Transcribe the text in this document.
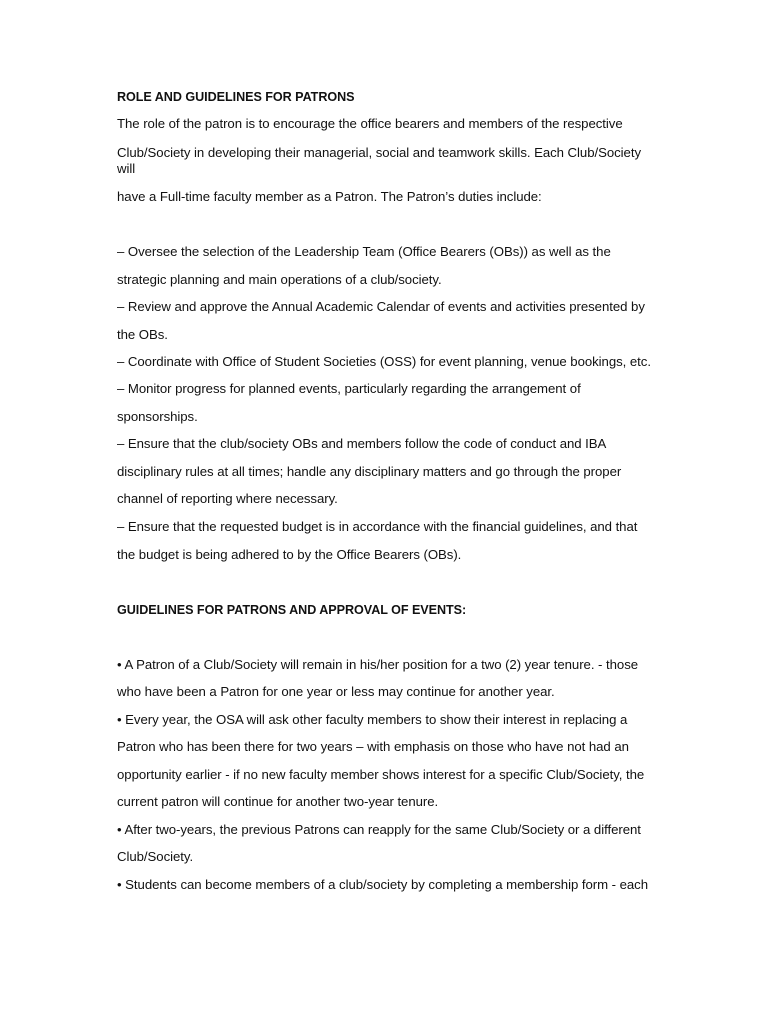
ROLE AND GUIDELINES FOR PATRONS
The role of the patron is to encourage the office bearers and members of the respective
Club/Society in developing their managerial, social and teamwork skills. Each Club/Society
will
have a Full-time faculty member as a Patron. The Patron’s duties include:
– Oversee the selection of the Leadership Team (Office Bearers (OBs)) as well as the
strategic planning and main operations of a club/society.
– Review and approve the Annual Academic Calendar of events and activities presented by
the OBs.
– Coordinate with Office of Student Societies (OSS) for event planning, venue bookings, etc.
– Monitor progress for planned events, particularly regarding the arrangement of
sponsorships.
– Ensure that the club/society OBs and members follow the code of conduct and IBA
disciplinary rules at all times; handle any disciplinary matters and go through the proper
channel of reporting where necessary.
– Ensure that the requested budget is in accordance with the financial guidelines, and that
the budget is being adhered to by the Office Bearers (OBs).
GUIDELINES FOR PATRONS AND APPROVAL OF EVENTS:
• A Patron of a Club/Society will remain in his/her position for a two (2) year tenure. - those
who have been a Patron for one year or less may continue for another year.
• Every year, the OSA will ask other faculty members to show their interest in replacing a
Patron who has been there for two years – with emphasis on those who have not had an
opportunity earlier - if no new faculty member shows interest for a specific Club/Society, the
current patron will continue for another two-year tenure.
• After two-years, the previous Patrons can reapply for the same Club/Society or a different
Club/Society.
• Students can become members of a club/society by completing a membership form - each
